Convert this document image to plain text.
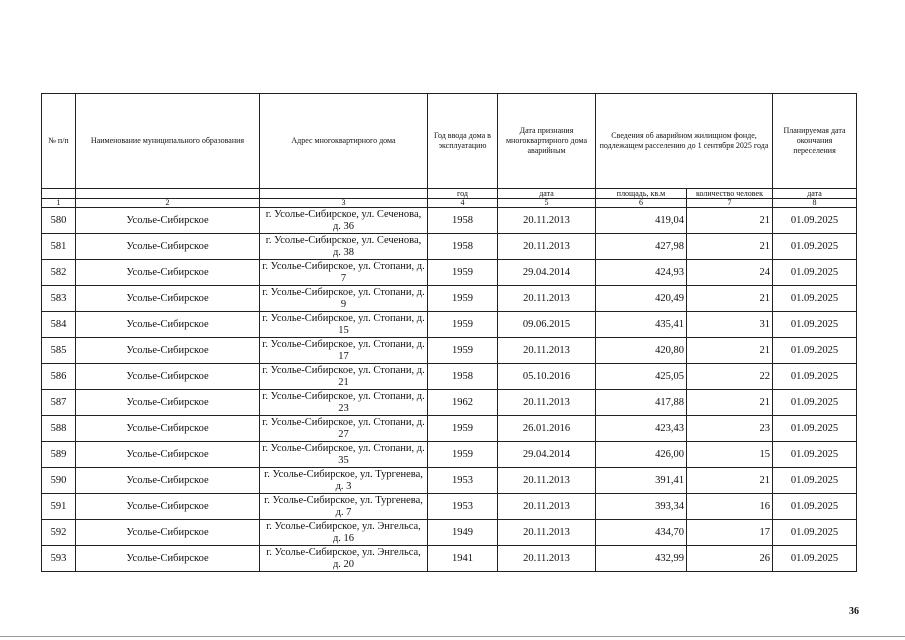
№ п/п	Наименование муниципального образования	Адрес многоквартирного дома	Год ввода дома в эксплуатацию	Дата признания многоквартирного дома аварийным	Сведения об аварийном жилищном фонде, подлежащем расселению до 1 сентября 2025 года		Планируемая дата окончания переселения
			год	дата	площадь, кв.м	количество человек	дата
1	2	3	4	5	6	7	8
580	Усолье-Сибирское	г. Усолье-Сибирское, ул. Сеченова, д. 36	1958	20.11.2013	419,04	21	01.09.2025
581	Усолье-Сибирское	г. Усолье-Сибирское, ул. Сеченова, д. 38	1958	20.11.2013	427,98	21	01.09.2025
582	Усолье-Сибирское	г. Усолье-Сибирское, ул. Стопани, д. 7	1959	29.04.2014	424,93	24	01.09.2025
583	Усолье-Сибирское	г. Усолье-Сибирское, ул. Стопани, д. 9	1959	20.11.2013	420,49	21	01.09.2025
584	Усолье-Сибирское	г. Усолье-Сибирское, ул. Стопани, д. 15	1959	09.06.2015	435,41	31	01.09.2025
585	Усолье-Сибирское	г. Усолье-Сибирское, ул. Стопани, д. 17	1959	20.11.2013	420,80	21	01.09.2025
586	Усолье-Сибирское	г. Усолье-Сибирское, ул. Стопани, д. 21	1958	05.10.2016	425,05	22	01.09.2025
587	Усолье-Сибирское	г. Усолье-Сибирское, ул. Стопани, д. 23	1962	20.11.2013	417,88	21	01.09.2025
588	Усолье-Сибирское	г. Усолье-Сибирское, ул. Стопани, д. 27	1959	26.01.2016	423,43	23	01.09.2025
589	Усолье-Сибирское	г. Усолье-Сибирское, ул. Стопани, д. 35	1959	29.04.2014	426,00	15	01.09.2025
590	Усолье-Сибирское	г. Усолье-Сибирское, ул. Тургенева, д. 3	1953	20.11.2013	391,41	21	01.09.2025
591	Усолье-Сибирское	г. Усолье-Сибирское, ул. Тургенева, д. 7	1953	20.11.2013	393,34	16	01.09.2025
592	Усолье-Сибирское	г. Усолье-Сибирское, ул. Энгельса, д. 16	1949	20.11.2013	434,70	17	01.09.2025
593	Усолье-Сибирское	г. Усолье-Сибирское, ул. Энгельса, д. 20	1941	20.11.2013	432,99	26	01.09.2025
36
